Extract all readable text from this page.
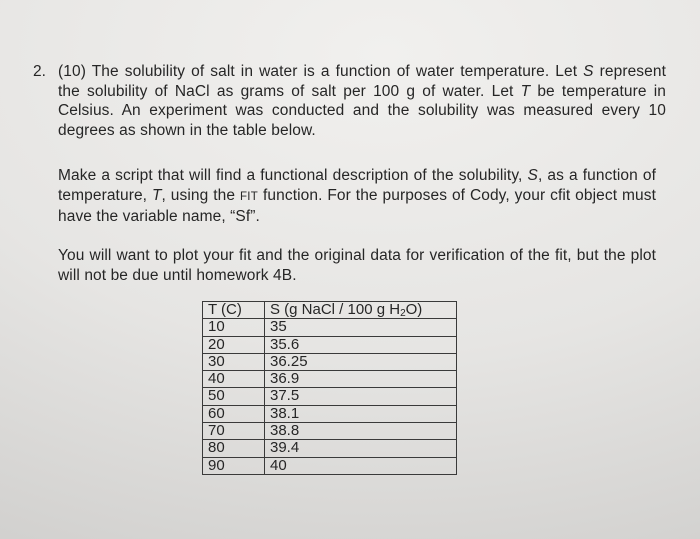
2. (10) The solubility of salt in water is a function of water temperature. Let S represent the solubility of NaCl as grams of salt per 100 g of water. Let T be temperature in Celsius. An experiment was conducted and the solubility was measured every 10 degrees as shown in the table below.
Make a script that will find a functional description of the solubility, S, as a function of temperature, T, using the FIT function. For the purposes of Cody, your cfit object must have the variable name, “Sf”.
You will want to plot your fit and the original data for verification of the fit, but the plot will not be due until homework 4B.
T (C)	S (g NaCl / 100 g $H_2O$)
10	35
20	35.6
30	36.25
40	36.9
50	37.5
60	38.1
70	38.8
80	39.4
90	40
